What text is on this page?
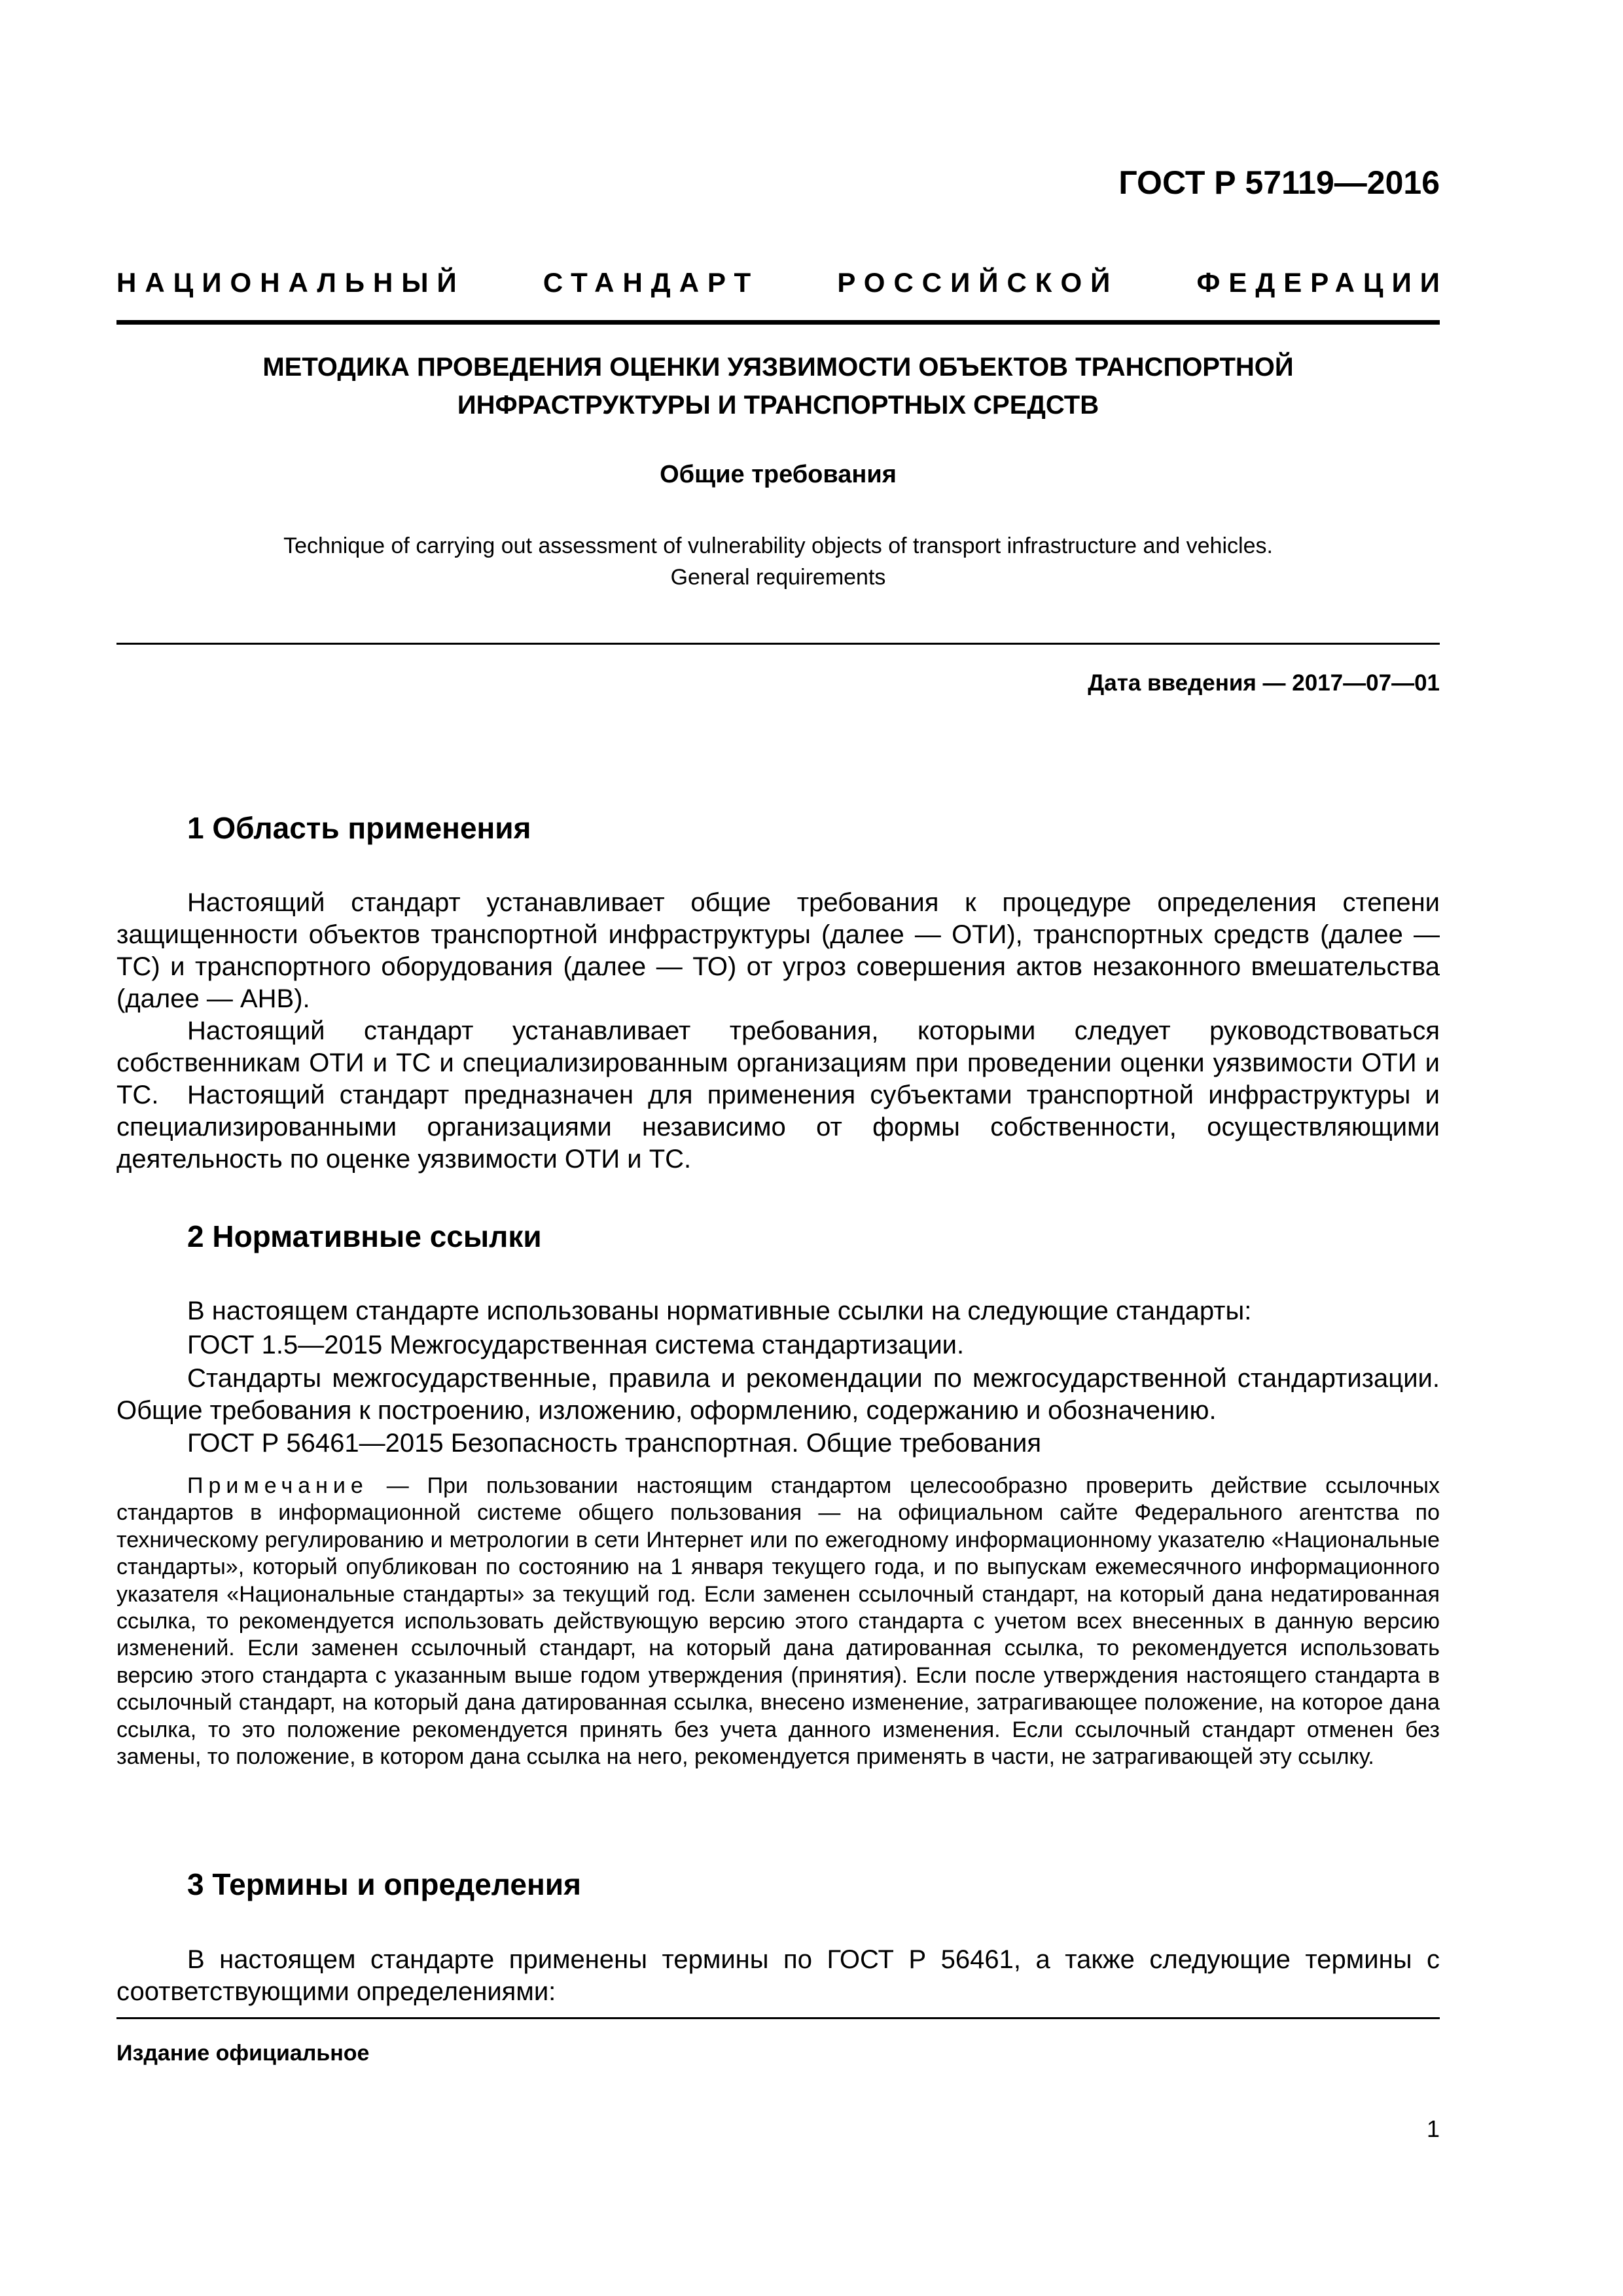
ГОСТ Р 57119—2016
НАЦИОНАЛЬНЫЙ	СТАНДАРТ	РОССИЙСКОЙ	ФЕДЕРАЦИИ
МЕТОДИКА ПРОВЕДЕНИЯ ОЦЕНКИ УЯЗВИМОСТИ ОБЪЕКТОВ ТРАНСПОРТНОЙ
ИНФРАСТРУКТУРЫ И ТРАНСПОРТНЫХ СРЕДСТВ
Общие требования
Technique of carrying out assessment of vulnerability objects of transport infrastructure and vehicles.
General requirements
Дата введения — 2017—07—01
1 Область применения
Настоящий стандарт устанавливает общие требования к процедуре определения степени защищенности объектов транспортной инфраструктуры (далее — ОТИ), транспортных средств (далее — ТС) и транспортного оборудования (далее — ТО) от угроз совершения актов незаконного вмешательства (далее — АНВ).
Настоящий стандарт устанавливает требования, которыми следует руководствоваться собственникам ОТИ и ТС и специализированным организациям при проведении оценки уязвимости ОТИ и ТС.	Настоящий стандарт предназначен для применения субъектами транспортной инфраструктуры и специализированными организациями независимо от формы собственности, осуществляющими деятельность по оценке уязвимости ОТИ и ТС.
2 Нормативные ссылки
В настоящем стандарте использованы нормативные ссылки на следующие стандарты:
ГОСТ 1.5—2015 Межгосударственная система стандартизации.
Стандарты межгосударственные, правила и рекомендации по межгосударственной стандартизации. Общие требования к построению, изложению, оформлению, содержанию и обозначению.
ГОСТ Р 56461—2015 Безопасность транспортная. Общие требования
Примечание — При пользовании настоящим стандартом целесообразно проверить действие ссылочных стандартов в информационной системе общего пользования — на официальном сайте Федерального агентства по техническому регулированию и метрологии в сети Интернет или по ежегодному информационному указателю «Национальные стандарты», который опубликован по состоянию на 1 января текущего года, и по выпускам ежемесячного информационного указателя «Национальные стандарты» за текущий год. Если заменен ссылочный стандарт, на который дана недатированная ссылка, то рекомендуется использовать действующую версию этого стандарта с учетом всех внесенных в данную версию изменений. Если заменен ссылочный стандарт, на который дана датированная ссылка, то рекомендуется использовать версию этого стандарта с указанным выше годом утверждения (принятия). Если после утверждения настоящего стандарта в ссылочный стандарт, на который дана датированная ссылка, внесено изменение, затрагивающее положение, на которое дана ссылка, то это положение рекомендуется принять без учета данного изменения. Если ссылочный стандарт отменен без замены, то положение, в котором дана ссылка на него, рекомендуется применять в части, не затрагивающей эту ссылку.
3 Термины и определения
В настоящем стандарте применены термины по ГОСТ Р 56461, а также следующие термины с соответствующими определениями:
Издание официальное
1
